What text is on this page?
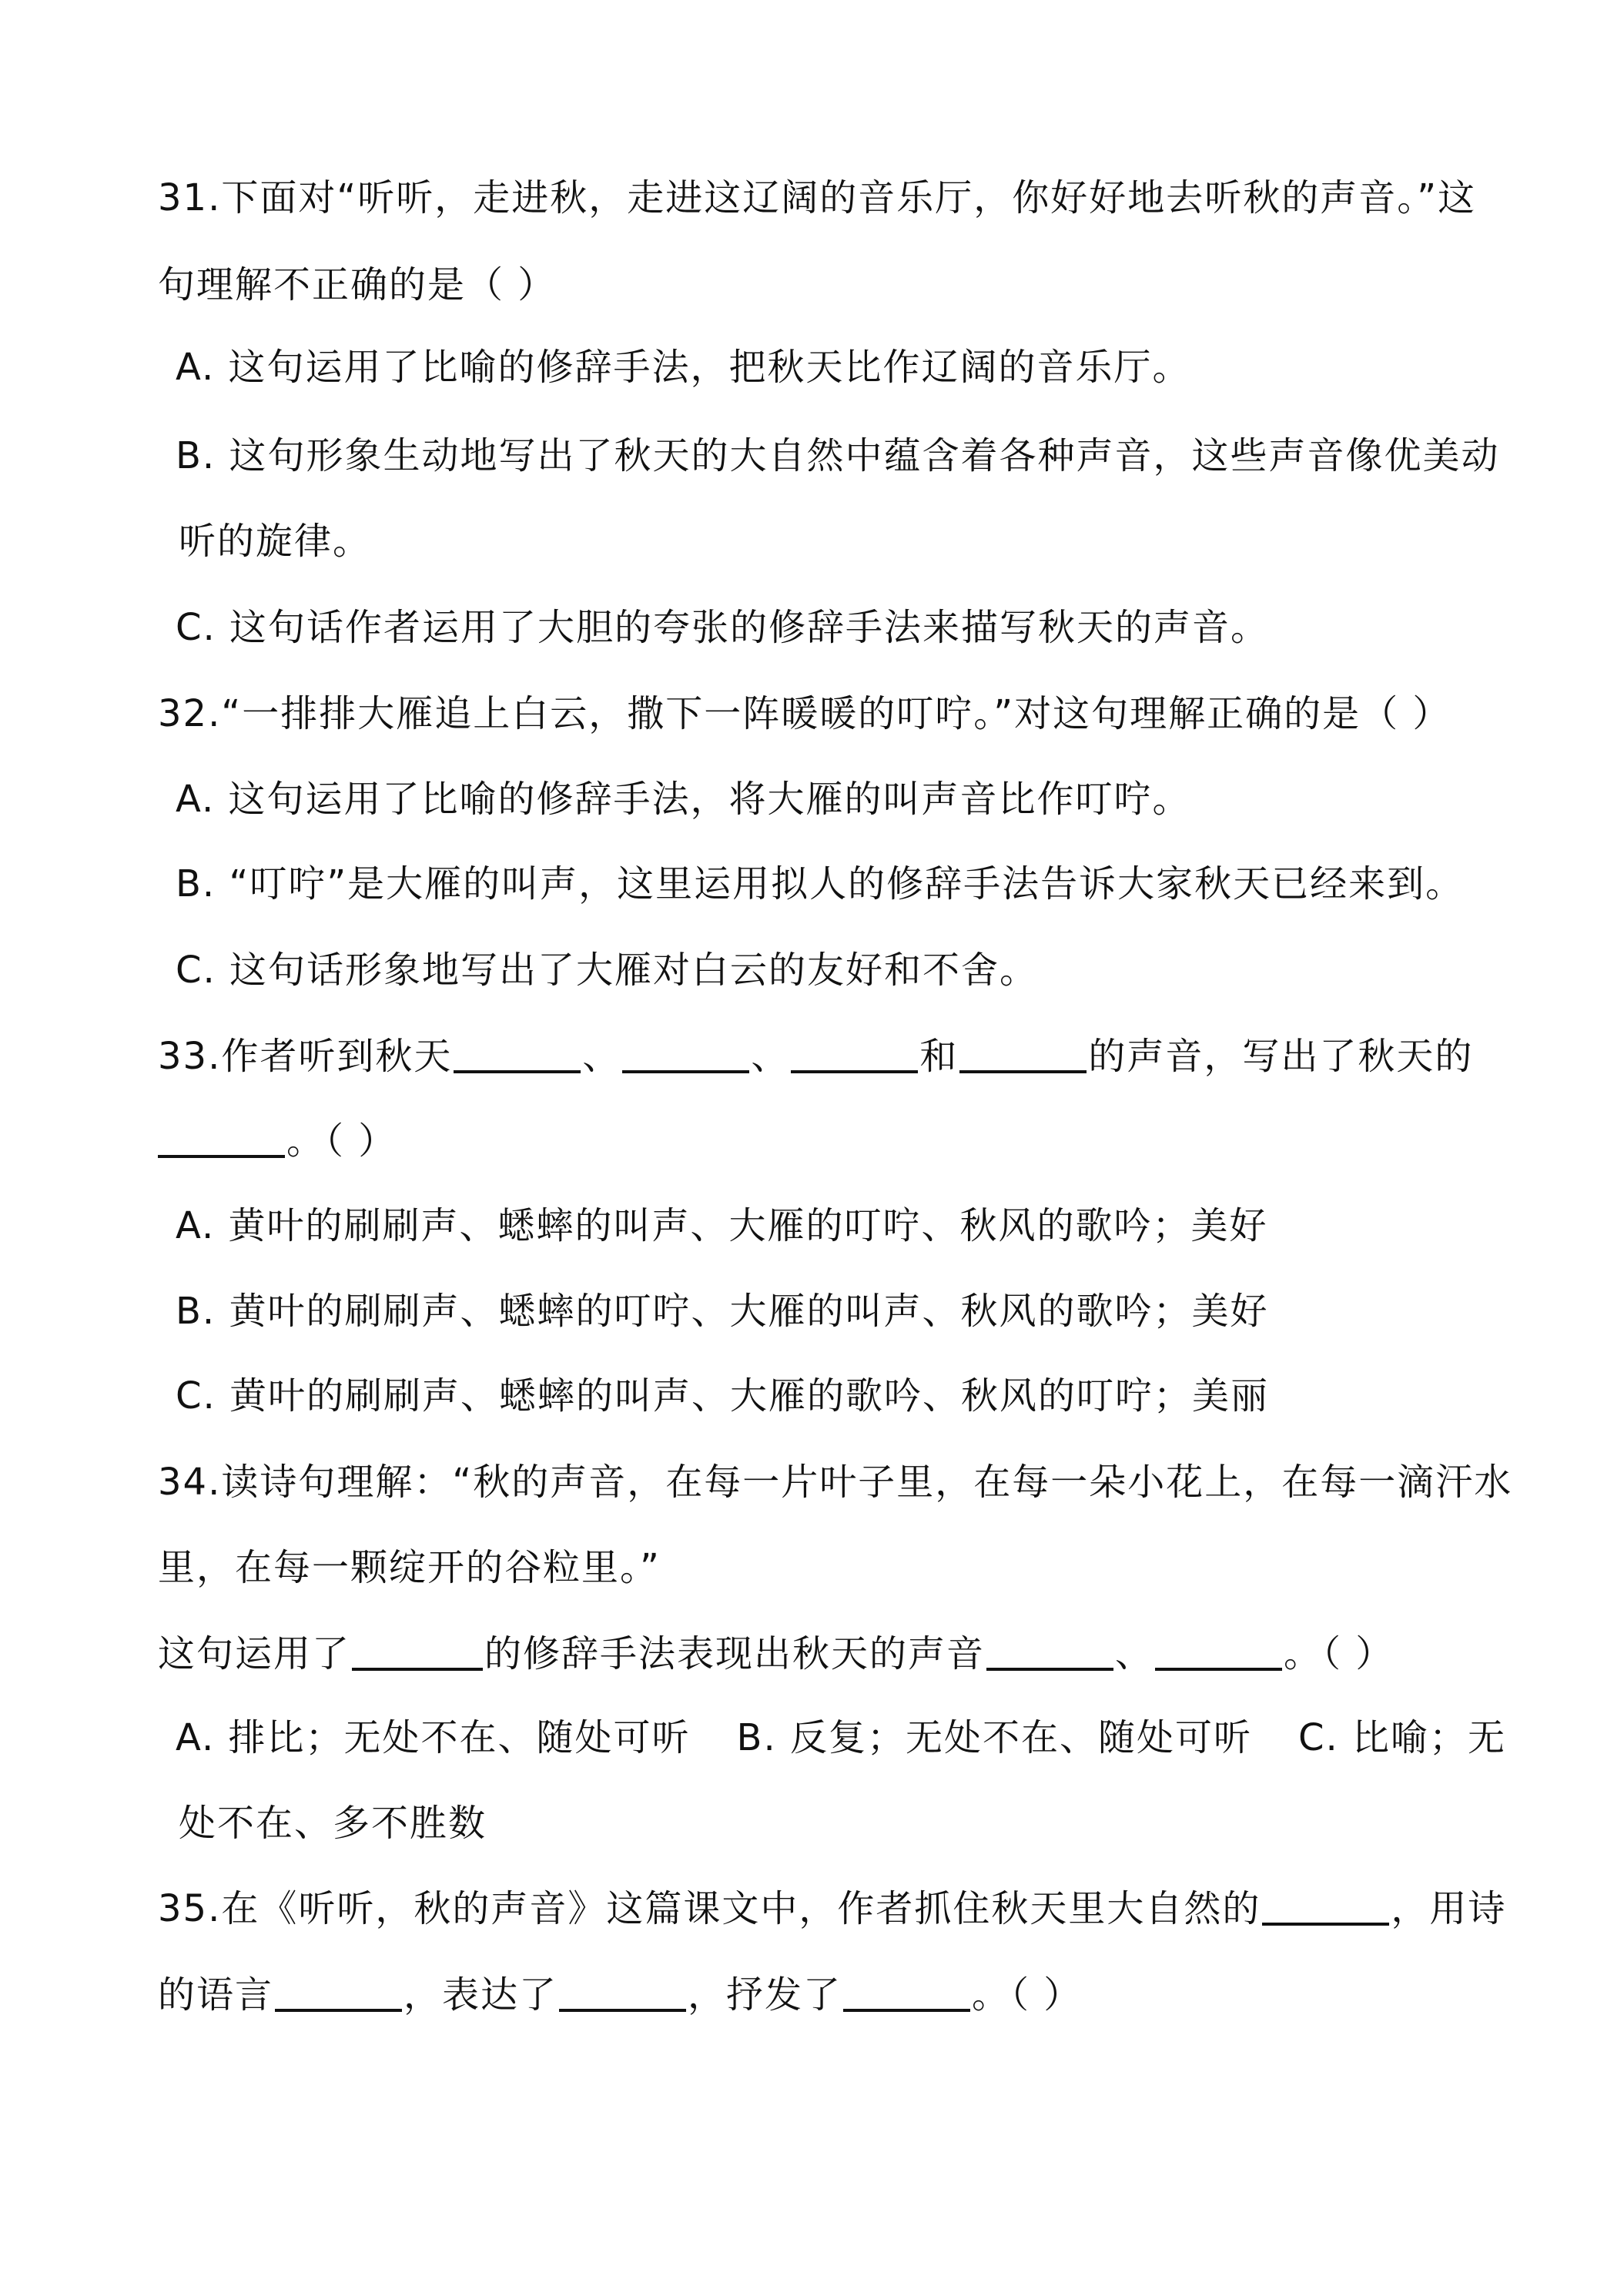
31.下面对“听听，走进秋，走进这辽阔的音乐厅，你好好地去听秋的声音。”这
句理解不正确的是（ ）
A. 这句运用了比喻的修辞手法，把秋天比作辽阔的音乐厅。
B. 这句形象生动地写出了秋天的大自然中蕴含着各种声音，这些声音像优美动
听的旋律。
C. 这句话作者运用了大胆的夸张的修辞手法来描写秋天的声音。
32.“一排排大雁追上白云，撒下一阵暖暖的叮咛。”对这句理解正确的是（ ）
A. 这句运用了比喻的修辞手法，将大雁的叫声音比作叮咛。
B. “叮咛”是大雁的叫声，这里运用拟人的修辞手法告诉大家秋天已经来到。
C. 这句话形象地写出了大雁对白云的友好和不舍。
33.作者听到秋天	、	、	和	的声音，写出了秋天的
。（ ）
A. 黄叶的刷刷声、蟋蟀的叫声、大雁的叮咛、秋风的歌吟；美好
B. 黄叶的刷刷声、蟋蟀的叮咛、大雁的叫声、秋风的歌吟；美好
C. 黄叶的刷刷声、蟋蟀的叫声、大雁的歌吟、秋风的叮咛；美丽
34.读诗句理解：“秋的声音，在每一片叶子里，在每一朵小花上，在每一滴汗水
里，在每一颗绽开的谷粒里。”
这句运用了	的修辞手法表现出秋天的声音	、	。（ ）
A. 排比；无处不在、随处可听 B. 反复；无处不在、随处可听 C. 比喻；无
处不在、多不胜数
35.在《听听，秋的声音》这篇课文中，作者抓住秋天里大自然的	，用诗
的语言	，表达了	，抒发了	。（ ）
